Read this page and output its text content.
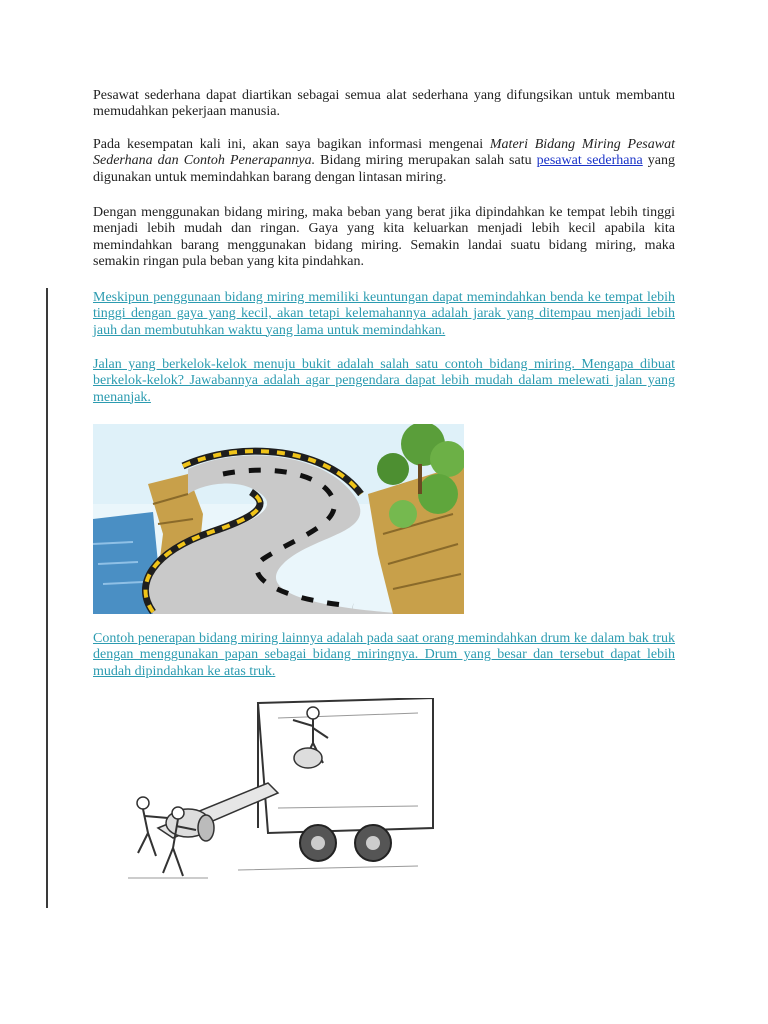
Pesawat sederhana dapat diartikan sebagai semua alat sederhana yang difungsikan untuk membantu memudahkan pekerjaan manusia.

Pada kesempatan kali ini, akan saya bagikan informasi mengenai Materi Bidang Miring Pesawat Sederhana dan Contoh Penerapannya. Bidang miring merupakan salah satu pesawat sederhana yang digunakan untuk memindahkan barang dengan lintasan miring.

Dengan menggunakan bidang miring, maka beban yang berat jika dipindahkan ke tempat lebih tinggi menjadi lebih mudah dan ringan. Gaya yang kita keluarkan menjadi lebih kecil apabila kita memindahkan barang menggunakan bidang miring. Semakin landai suatu bidang miring, maka semakin ringan pula beban yang kita pindahkan.

Meskipun penggunaan bidang miring memiliki keuntungan dapat memindahkan benda ke tempat lebih tinggi dengan gaya yang kecil, akan tetapi kelemahannya adalah jarak yang ditempau menjadi lebih jauh dan membutuhkan waktu yang lama untuk memindahkan.

Jalan yang berkelok-kelok menuju bukit adalah salah satu contoh bidang miring. Mengapa dibuat berkelok-kelok? Jawabannya adalah agar pengendara dapat lebih mudah dalam melewati jalan yang menanjak.

Contoh penerapan bidang miring lainnya adalah pada saat orang memindahkan drum ke dalam bak truk dengan menggunakan papan sebagai bidang miringnya. Drum yang besar dan tersebut dapat lebih mudah dipindahkan ke atas truk.
